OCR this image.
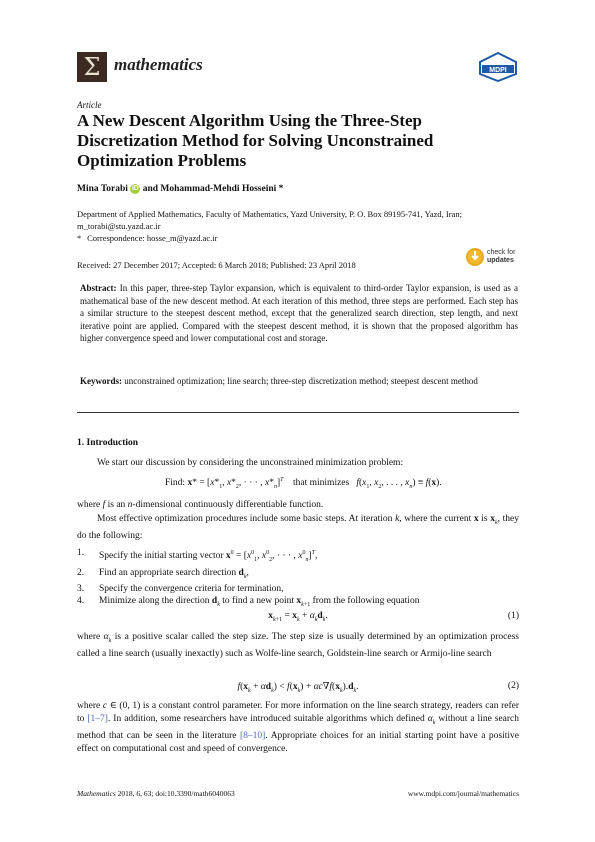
Σ mathematics	MDPI
Article
A New Descent Algorithm Using the Three-Step Discretization Method for Solving Unconstrained Optimization Problems
Mina Torabi iD and Mohammad-Mehdi Hosseini *
Department of Applied Mathematics, Faculty of Mathematics, Yazd University, P. O. Box 89195-741, Yazd, Iran; m_torabi@stu.yazd.ac.ir
*
Correspondence: hosse_m@yazd.ac.ir
Received: 27 December 2017; Accepted: 6 March 2018; Published: 23 April 2018
check for
updates
Abstract: In this paper, three-step Taylor expansion, which is equivalent to third-order Taylor expansion, is used as a mathematical base of the new descent method. At each iteration of this method, three steps are performed. Each step has a similar structure to the steepest descent method, except that the generalized search direction, step length, and next iterative point are applied. Compared with the steepest descent method, it is shown that the proposed algorithm has higher convergence speed and lower computational cost and storage.
Keywords: unconstrained optimization; line search; three-step discretization method; steepest descent method
1. Introduction
We start our discussion by considering the unconstrained minimization problem:
Find: $x* = [x*_1$, $x*_2$, · · · , $x*_n]^T$ that minimizes $f(x_1$, $x_2$, . . . , $x_n) \equiv f(x)$.
where f is an n-dimensional continuously differentiable function.
Most effective optimization procedures include some basic steps. At iteration k, where the current x is $x_k$, they do the following:
1.	Specify the initial starting vector $x^0 = [x^0_1$, $x^0_2$, · · · , $x^0_n]^T$,
2.	Find an appropriate search direction $d_k$,
3.	Specify the convergence criteria for termination,
4.	Minimize along the direction $d_k$ to find a new point $x_{k+1}$ from the following equation
$x_{k+1} = x_k + \alpha_kd_k$.	(1)
where $\alpha_k$ is a positive scalar called the step size. The step size is usually determined by an optimization process called a line search (usually inexactly) such as Wolfe-line search, Goldstein-line search or Armijo-line search
$f(x_k + \alpha d_k) < f(x_k) + \alpha c\nabla f(x_k).d_k$.	(2)
where c ∈ (0, 1) is a constant control parameter. For more information on the line search strategy, readers can refer to [1–7]. In addition, some researchers have introduced suitable algorithms which defined $\alpha_k$ without a line search method that can be seen in the literature [8–10]. Appropriate choices for an initial starting point have a positive effect on computational cost and speed of convergence.
Mathematics 2018, 6, 63; doi:10.3390/math6040063	www.mdpi.com/journal/mathematics
